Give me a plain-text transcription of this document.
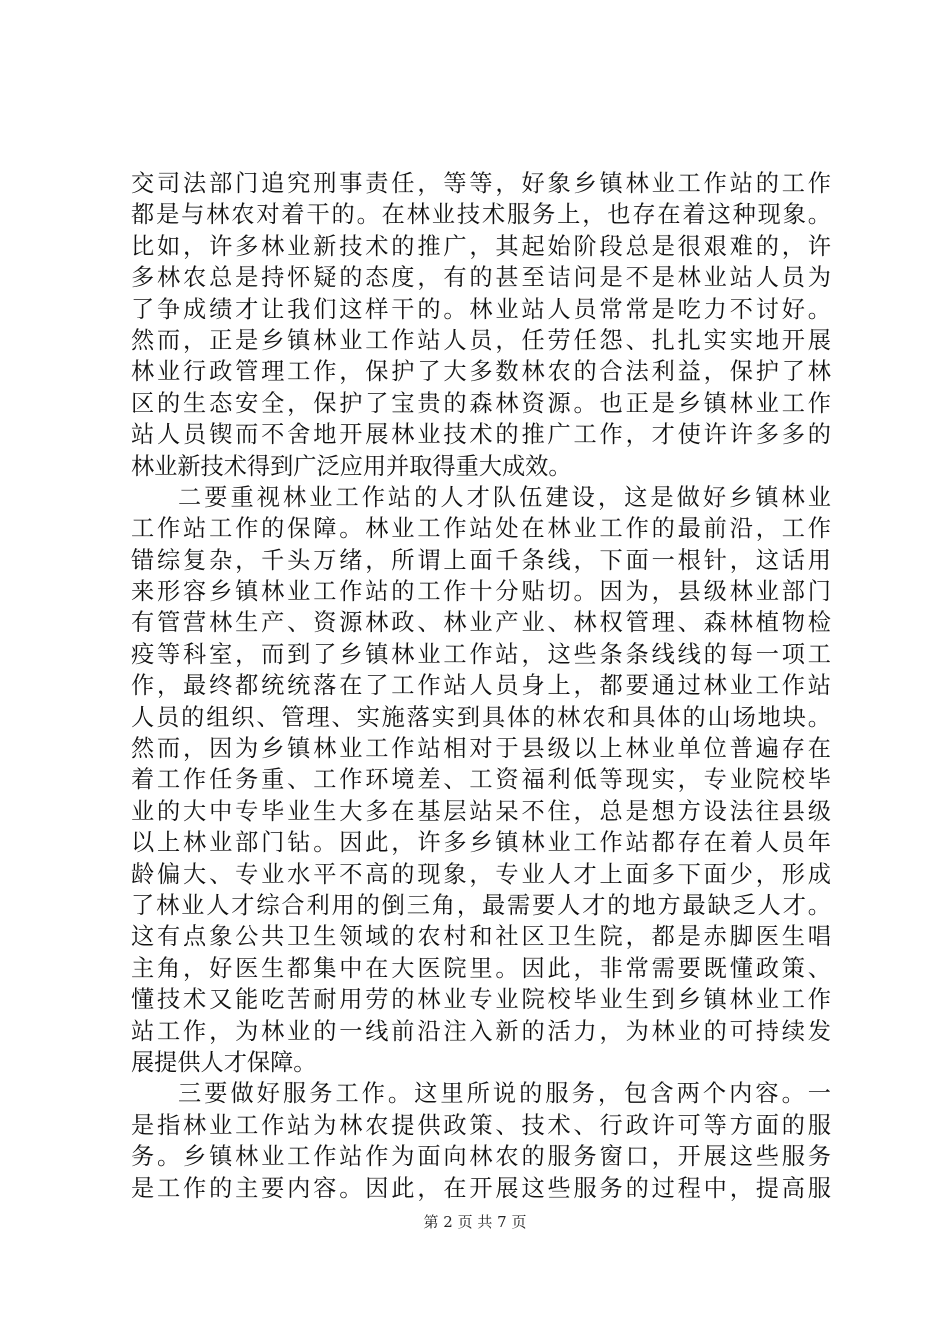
交司法部门追究刑事责任，等等，好象乡镇林业工作站的工作
都是与林农对着干的。在林业技术服务上，也存在着这种现象。
比如，许多林业新技术的推广，其起始阶段总是很艰难的，许
多林农总是持怀疑的态度，有的甚至诘问是不是林业站人员为
了争成绩才让我们这样干的。林业站人员常常是吃力不讨好。
然而，正是乡镇林业工作站人员，任劳任怨、扎扎实实地开展
林业行政管理工作，保护了大多数林农的合法利益，保护了林
区的生态安全，保护了宝贵的森林资源。也正是乡镇林业工作
站人员锲而不舍地开展林业技术的推广工作，才使许许多多的
林业新技术得到广泛应用并取得重大成效。
二要重视林业工作站的人才队伍建设，这是做好乡镇林业
工作站工作的保障。林业工作站处在林业工作的最前沿，工作
错综复杂，千头万绪，所谓上面千条线，下面一根针，这话用
来形容乡镇林业工作站的工作十分贴切。因为，县级林业部门
有管营林生产、资源林政、林业产业、林权管理、森林植物检
疫等科室，而到了乡镇林业工作站，这些条条线线的每一项工
作，最终都统统落在了工作站人员身上，都要通过林业工作站
人员的组织、管理、实施落实到具体的林农和具体的山场地块。
然而，因为乡镇林业工作站相对于县级以上林业单位普遍存在
着工作任务重、工作环境差、工资福利低等现实，专业院校毕
业的大中专毕业生大多在基层站呆不住，总是想方设法往县级
以上林业部门钻。因此，许多乡镇林业工作站都存在着人员年
龄偏大、专业水平不高的现象，专业人才上面多下面少，形成
了林业人才综合利用的倒三角，最需要人才的地方最缺乏人才。
这有点象公共卫生领域的农村和社区卫生院，都是赤脚医生唱
主角，好医生都集中在大医院里。因此，非常需要既懂政策、
懂技术又能吃苦耐用劳的林业专业院校毕业生到乡镇林业工作
站工作，为林业的一线前沿注入新的活力，为林业的可持续发
展提供人才保障。
三要做好服务工作。这里所说的服务，包含两个内容。一
是指林业工作站为林农提供政策、技术、行政许可等方面的服
务。乡镇林业工作站作为面向林农的服务窗口，开展这些服务
是工作的主要内容。因此，在开展这些服务的过程中，提高服
第 2 页 共 7 页
